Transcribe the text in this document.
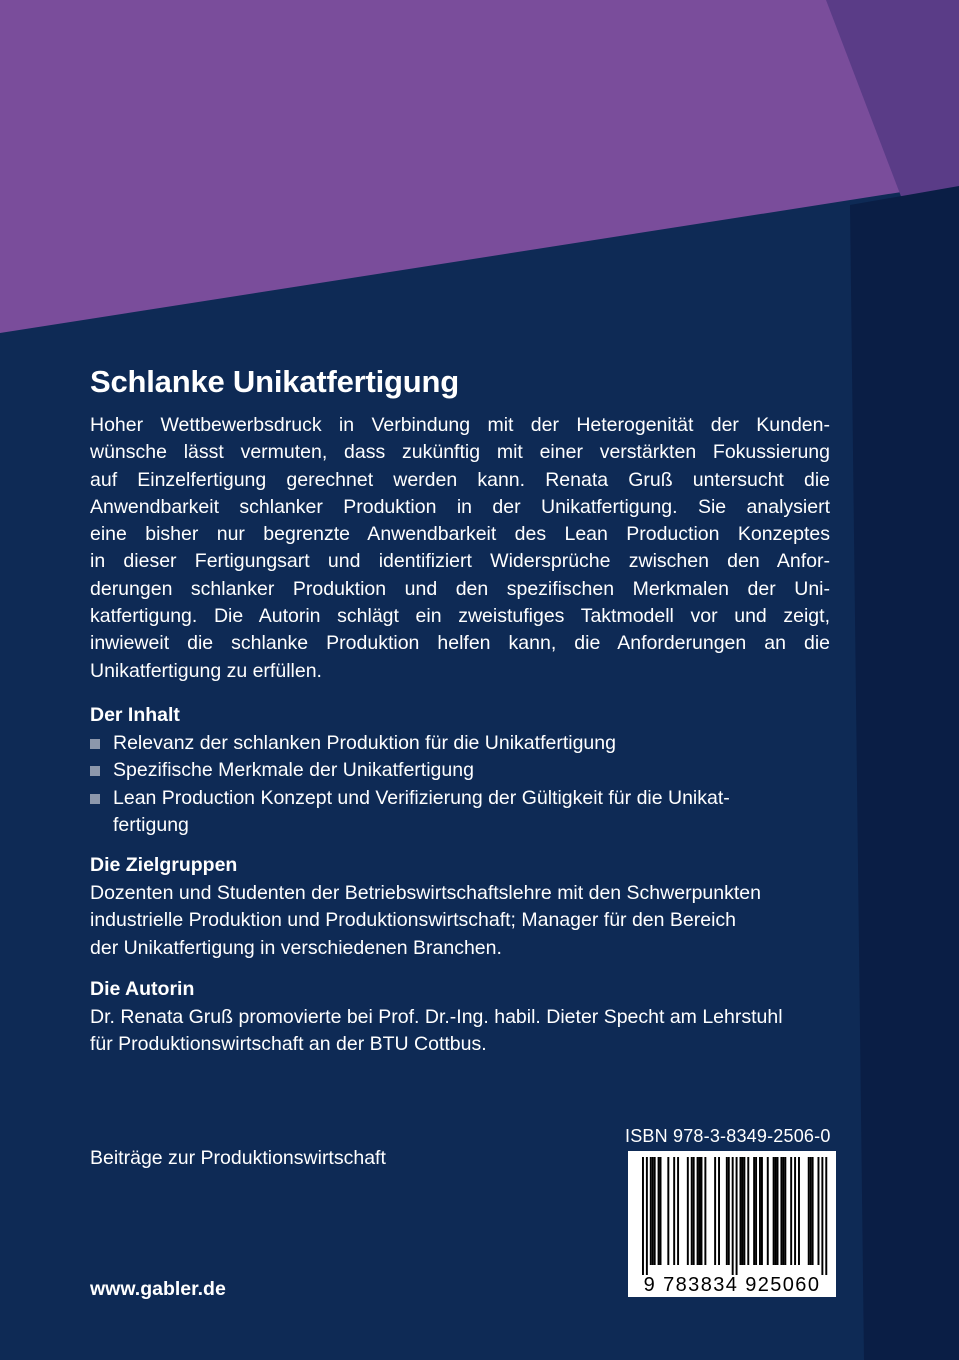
Schlanke Unikatfertigung
Hoher Wettbewerbsdruck in Verbindung mit der Heterogenität der Kunden-
wünsche lässt vermuten, dass zukünftig mit einer verstärkten Fokussierung
auf Einzelfertigung gerechnet werden kann. Renata Gruß untersucht die
Anwendbarkeit schlanker Produktion in der Unikatfertigung. Sie analysiert
eine bisher nur begrenzte Anwendbarkeit des Lean Production Konzeptes
in dieser Fertigungsart und identifiziert Widersprüche zwischen den Anfor-
derungen schlanker Produktion und den spezifischen Merkmalen der Uni-
katfertigung. Die Autorin schlägt ein zweistufiges Taktmodell vor und zeigt,
inwieweit die schlanke Produktion helfen kann, die Anforderungen an die
Unikatfertigung zu erfüllen.
Der Inhalt
Relevanz der schlanken Produktion für die Unikatfertigung
Spezifische Merkmale der Unikatfertigung
Lean Production Konzept und Verifizierung der Gültigkeit für die Unikat-
fertigung
Die Zielgruppen
Dozenten und Studenten der Betriebswirtschaftslehre mit den Schwerpunkten
industrielle Produktion und Produktionswirtschaft; Manager für den Bereich
der Unikatfertigung in verschiedenen Branchen.
Die Autorin
Dr. Renata Gruß promovierte bei Prof. Dr.-Ing. habil. Dieter Specht am Lehrstuhl
für Produktionswirtschaft an der BTU Cottbus.
Beiträge zur Produktionswirtschaft
www.gabler.de
ISBN 978-3-8349-2506-0
9 783834 925060
